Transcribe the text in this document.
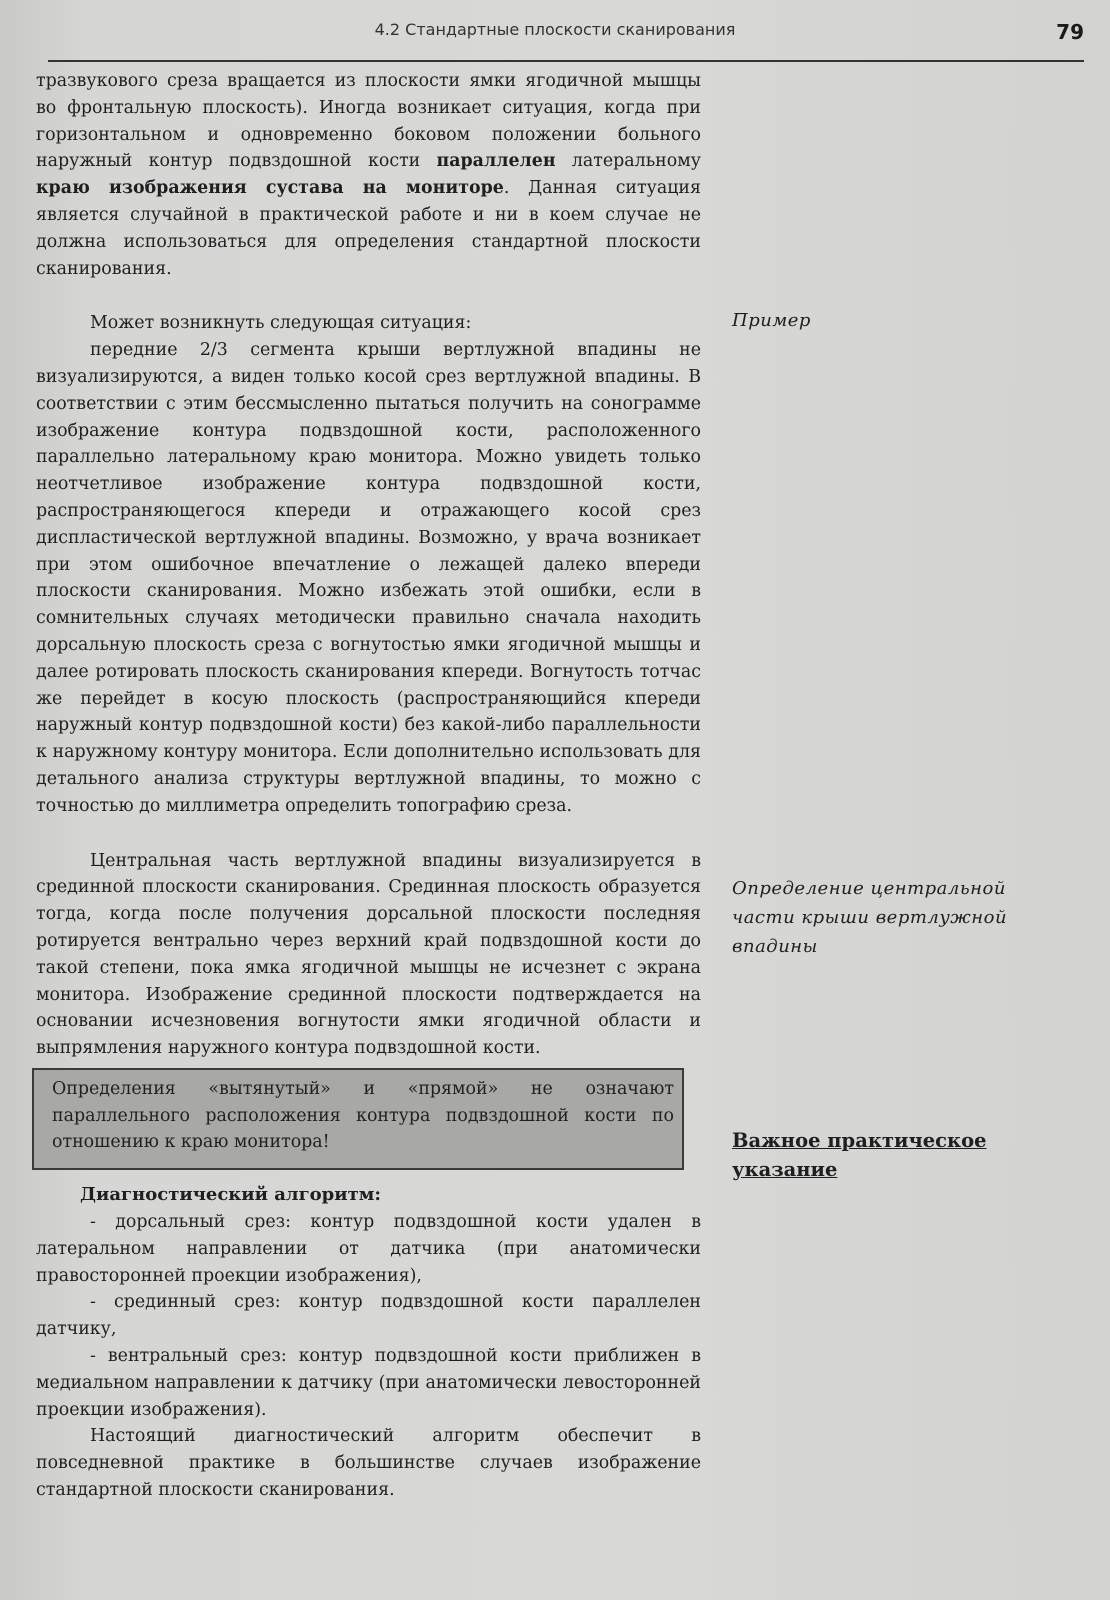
4.2 Стандартные плоскости сканирования	79

тразвукового среза вращается из плоскости ямки ягодичной мышцы во фронтальную плоскость). Иногда возникает ситуация, когда при горизонтальном и одновременно боковом положении больного наружный контур подвздошной кости параллелен латеральному краю изображения сустава на мониторе. Данная ситуация является случайной в практической работе и ни в коем случае не должна использоваться для определения стандартной плоскости сканирования.

Может возникнуть следующая ситуация:

передние 2/3 сегмента крыши вертлужной впадины не визуализируются, а виден только косой срез вертлужной впадины. В соответствии с этим бессмысленно пытаться получить на сонограмме изображение контура подвздошной кости, расположенного параллельно латеральному краю монитора. Можно увидеть только неотчетливое изображение контура подвздошной кости, распространяющегося кпереди и отражающего косой срез диспластической вертлужной впадины. Возможно, у врача возникает при этом ошибочное впечатление о лежащей далеко впереди плоскости сканирования. Можно избежать этой ошибки, если в сомнительных случаях методически правильно сначала находить дорсальную плоскость среза с вогнутостью ямки ягодичной мышцы и далее ротировать плоскость сканирования кпереди. Вогнутость тотчас же перейдет в косую плоскость (распространяющийся кпереди наружный контур подвздошной кости) без какой-либо параллельности к наружному контуру монитора. Если дополнительно использовать для детального анализа структуры вертлужной впадины, то можно с точностью до миллиметра определить топографию среза.

Центральная часть вертлужной впадины визуализируется в срединной плоскости сканирования. Срединная плоскость образуется тогда, когда после получения дорсальной плоскости последняя ротируется вентрально через верхний край подвздошной кости до такой степени, пока ямка ягодичной мышцы не исчезнет с экрана монитора. Изображение срединной плоскости подтверждается на основании исчезновения вогнутости ямки ягодичной области и выпрямления наружного контура подвздошной кости.

Определения «вытянутый» и «прямой» не означают параллельного расположения контура подвздошной кости по отношению к краю монитора!
Диагностический алгоритм:

- дорсальный срез: контур подвздошной кости удален в латеральном направлении от датчика (при анатомически правосторонней проекции изображения),

- срединный срез: контур подвздошной кости параллелен датчику,

- вентральный срез: контур подвздошной кости приближен в медиальном направлении к датчику (при анатомически левосторонней проекции изображения).

Настоящий диагностический алгоритм обеспечит в повседневной практике в большинстве случаев изображение стандартной плоскости сканирования.

Пример
Определение центральной части крыши вертлужной впадины
Важное практическое указание
